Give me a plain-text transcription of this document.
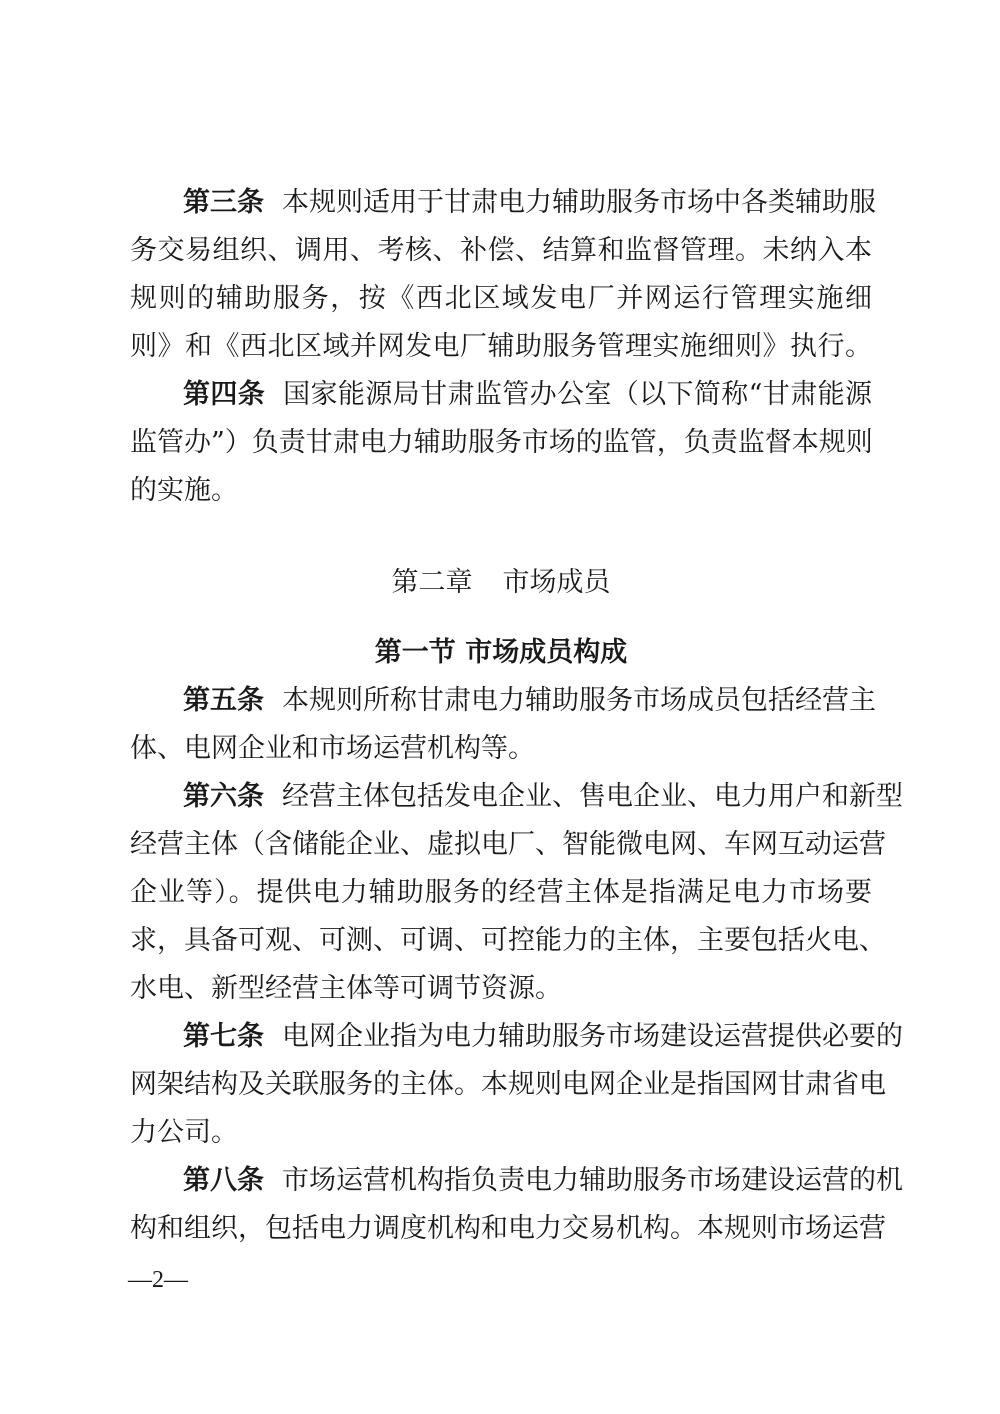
第三条 本规则适用于甘肃电力辅助服务市场中各类辅助服
务交易组织、调用、考核、补偿、结算和监督管理。未纳入本
规则的辅助服务，按《西北区域发电厂并网运行管理实施细
则》和《西北区域并网发电厂辅助服务管理实施细则》执行。
第四条 国家能源局甘肃监管办公室（以下简称“甘肃能源
监管办”）负责甘肃电力辅助服务市场的监管，负责监督本规则
的实施。
第二章 市场成员
第一节 市场成员构成
第五条 本规则所称甘肃电力辅助服务市场成员包括经营主
体、电网企业和市场运营机构等。
第六条 经营主体包括发电企业、售电企业、电力用户和新型
经营主体（含储能企业、虚拟电厂、智能微电网、车网互动运营
企业等）。提供电力辅助服务的经营主体是指满足电力市场要
求，具备可观、可测、可调、可控能力的主体，主要包括火电、
水电、新型经营主体等可调节资源。
第七条 电网企业指为电力辅助服务市场建设运营提供必要的
网架结构及关联服务的主体。本规则电网企业是指国网甘肃省电
力公司。
第八条 市场运营机构指负责电力辅助服务市场建设运营的机
构和组织，包括电力调度机构和电力交易机构。本规则市场运营
—2—
